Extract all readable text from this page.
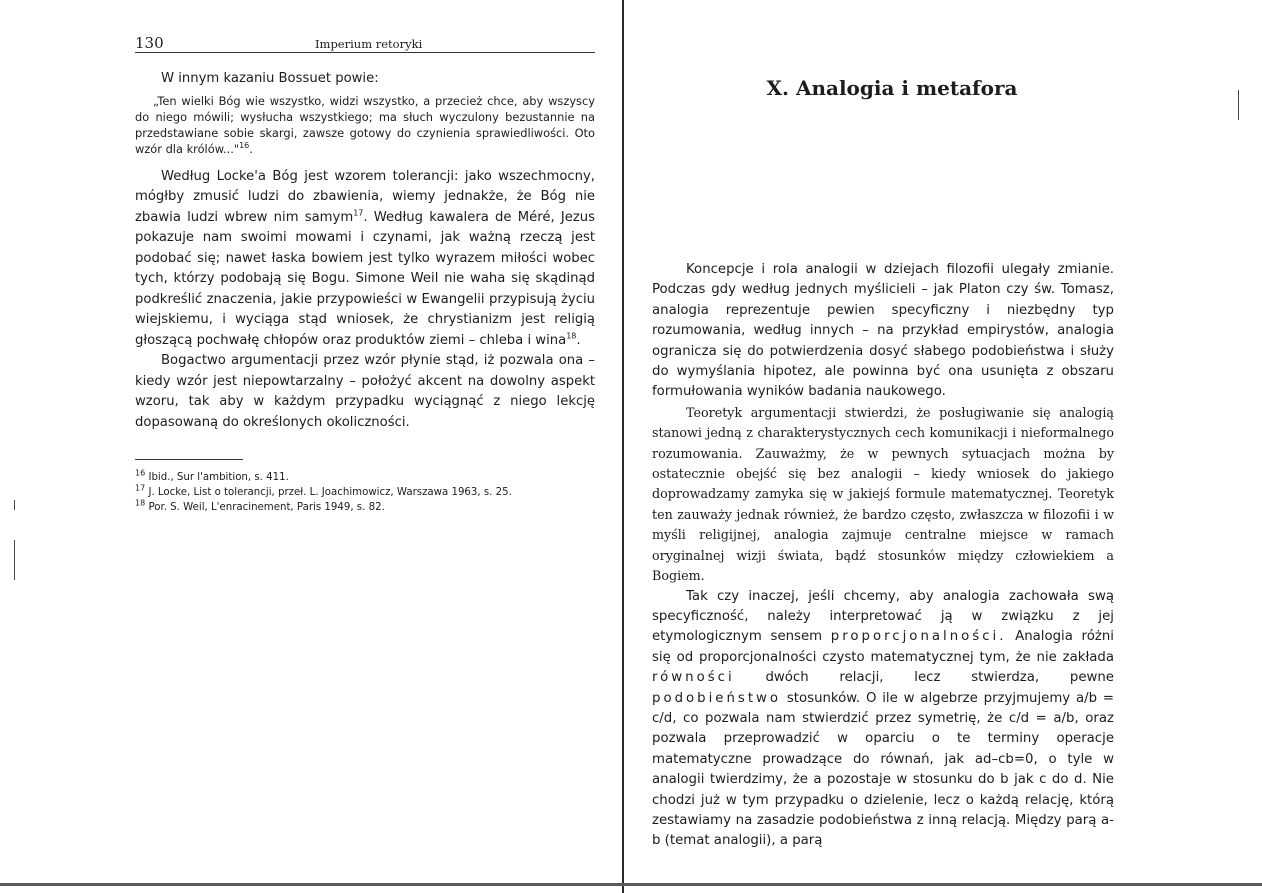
130	Imperium retoryki

W innym kazaniu Bossuet powie:

„Ten wielki Bóg wie wszystko, widzi wszystko, a przecież chce, aby wszyscy do niego mówili; wysłucha wszystkiego; ma słuch wyczulony bezustannie na przedstawiane sobie skargi, zawsze gotowy do czynienia sprawiedliwości. Oto wzór dla królów..."$^{16}$.

Według Locke'a Bóg jest wzorem tolerancji: jako wszechmocny, mógłby zmusić ludzi do zbawienia, wiemy jednakże, że Bóg nie zbawia ludzi wbrew nim samym$^{17}$. Według kawalera de Méré, Jezus pokazuje nam swoimi mowami i czynami, jak ważną rzeczą jest podobać się; nawet łaska bowiem jest tylko wyrazem miłości wobec tych, którzy podobają się Bogu. Simone Weil nie waha się skądinąd podkreślić znaczenia, jakie przypowieści w Ewangelii przypisują życiu wiejskiemu, i wyciąga stąd wniosek, że chrystianizm jest religią głoszącą pochwałę chłopów oraz produktów ziemi – chleba i wina$^{18}$.

Bogactwo argumentacji przez wzór płynie stąd, iż pozwala ona – kiedy wzór jest niepowtarzalny – położyć akcent na dowolny aspekt wzoru, tak aby w każdym przypadku wyciągnąć z niego lekcję dopasowaną do określonych okoliczności.

$^{16}$ Ibid., Sur l'ambition, s. 411.
$^{17}$ J. Locke, List o tolerancji, przeł. L. Joachimowicz, Warszawa 1963, s. 25.
$^{18}$ Por. S. Weil, L'enracinement, Paris 1949, s. 82.
X. Analogia i metafora

Koncepcje i rola analogii w dziejach filozofii ulegały zmianie. Podczas gdy według jednych myślicieli – jak Platon czy św. Tomasz, analogia reprezentuje pewien specyficzny i niezbędny typ rozumowania, według innych – na przykład empirystów, analogia ogranicza się do potwierdzenia dosyć słabego podobieństwa i służy do wymyślania hipotez, ale powinna być ona usunięta z obszaru formułowania wyników badania naukowego.

Teoretyk argumentacji stwierdzi, że posługiwanie się analogią stanowi jedną z charakterystycznych cech komunikacji i nieformalnego rozumowania. Zauważmy, że w pewnych sytuacjach można by ostatecznie obejść się bez analogii – kiedy wniosek do jakiego doprowadzamy zamyka się w jakiejś formule matematycznej. Teoretyk ten zauważy jednak również, że bardzo często, zwłaszcza w filozofii i w myśli religijnej, analogia zajmuje centralne miejsce w ramach oryginalnej wizji świata, bądź stosunków między człowiekiem a Bogiem.

Tak czy inaczej, jeśli chcemy, aby analogia zachowała swą specyficzność, należy interpretować ją w związku z jej etymologicznym sensem proporcjonalności. Analogia różni się od proporcjonalności czysto matematycznej tym, że nie zakłada równości dwóch relacji, lecz stwierdza, pewne podobieństwo stosunków. O ile w algebrze przyjmujemy a/b = c/d, co pozwala nam stwierdzić przez symetrię, że c/d = a/b, oraz pozwala przeprowadzić w oparciu o te terminy operacje matematyczne prowadzące do równań, jak ad–cb=0, o tyle w analogii twierdzimy, że a pozostaje w stosunku do b jak c do d. Nie chodzi już w tym przypadku o dzielenie, lecz o każdą relację, którą zestawiamy na zasadzie podobieństwa z inną relacją. Między parą a-b (temat analogii), a parą
